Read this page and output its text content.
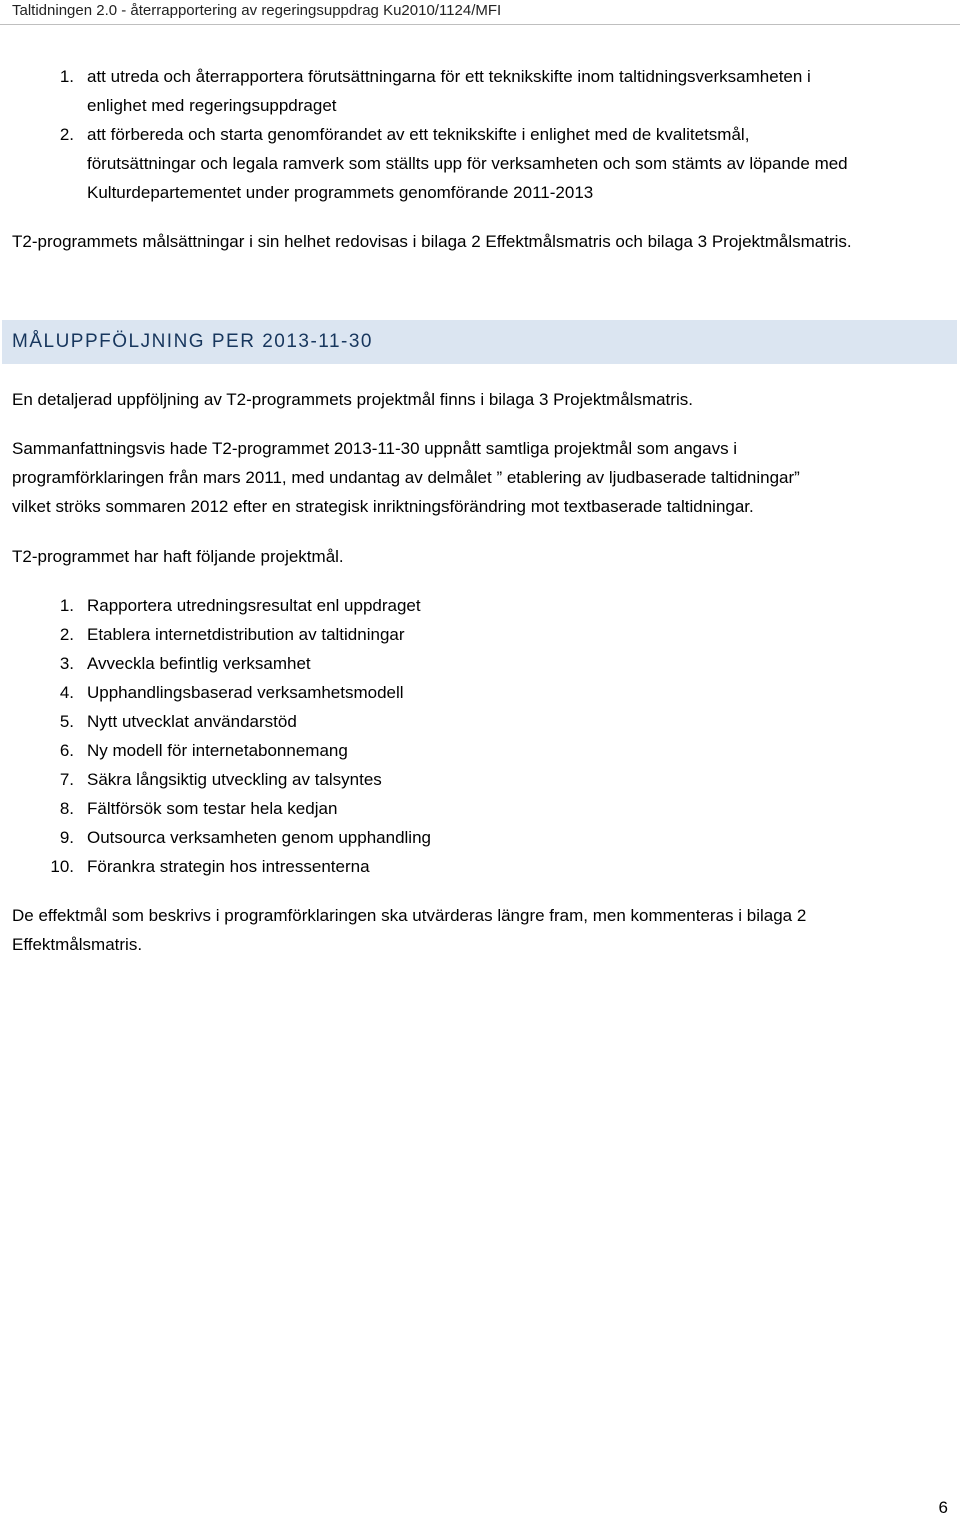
Taltidningen 2.0 - återrapportering av regeringsuppdrag Ku2010/1124/MFI
1. att utreda och återrapportera förutsättningarna för ett teknikskifte inom taltidningsverksamheten i
enlighet med regeringsuppdraget
2. att förbereda och starta genomförandet av ett teknikskifte i enlighet med de kvalitetsmål,
förutsättningar och legala ramverk som ställts upp för verksamheten och som stämts av löpande med
Kulturdepartementet under programmets genomförande 2011-2013

T2-programmets målsättningar i sin helhet redovisas i bilaga 2 Effektmålsmatris och bilaga 3 Projektmålsmatris.

MÅLUPPFÖLJNING PER 2013-11-30

En detaljerad uppföljning av T2-programmets projektmål finns i bilaga 3 Projektmålsmatris.

Sammanfattningsvis hade T2-programmet 2013-11-30 uppnått samtliga projektmål som angavs i
programförklaringen från mars 2011, med undantag av delmålet ” etablering av ljudbaserade taltidningar”
vilket ströks sommaren 2012 efter en strategisk inriktningsförändring mot textbaserade taltidningar.

T2-programmet har haft följande projektmål.

1. Rapportera utredningsresultat enl uppdraget
2. Etablera internetdistribution av taltidningar
3. Avveckla befintlig verksamhet
4. Upphandlingsbaserad verksamhetsmodell
5. Nytt utvecklat användarstöd
6. Ny modell för internetabonnemang
7. Säkra långsiktig utveckling av talsyntes
8. Fältförsök som testar hela kedjan
9. Outsourca verksamheten genom upphandling
10. Förankra strategin hos intressenterna
De effektmål som beskrivs i programförklaringen ska utvärderas längre fram, men kommenteras i bilaga 2
Effektmålsmatris.
6
